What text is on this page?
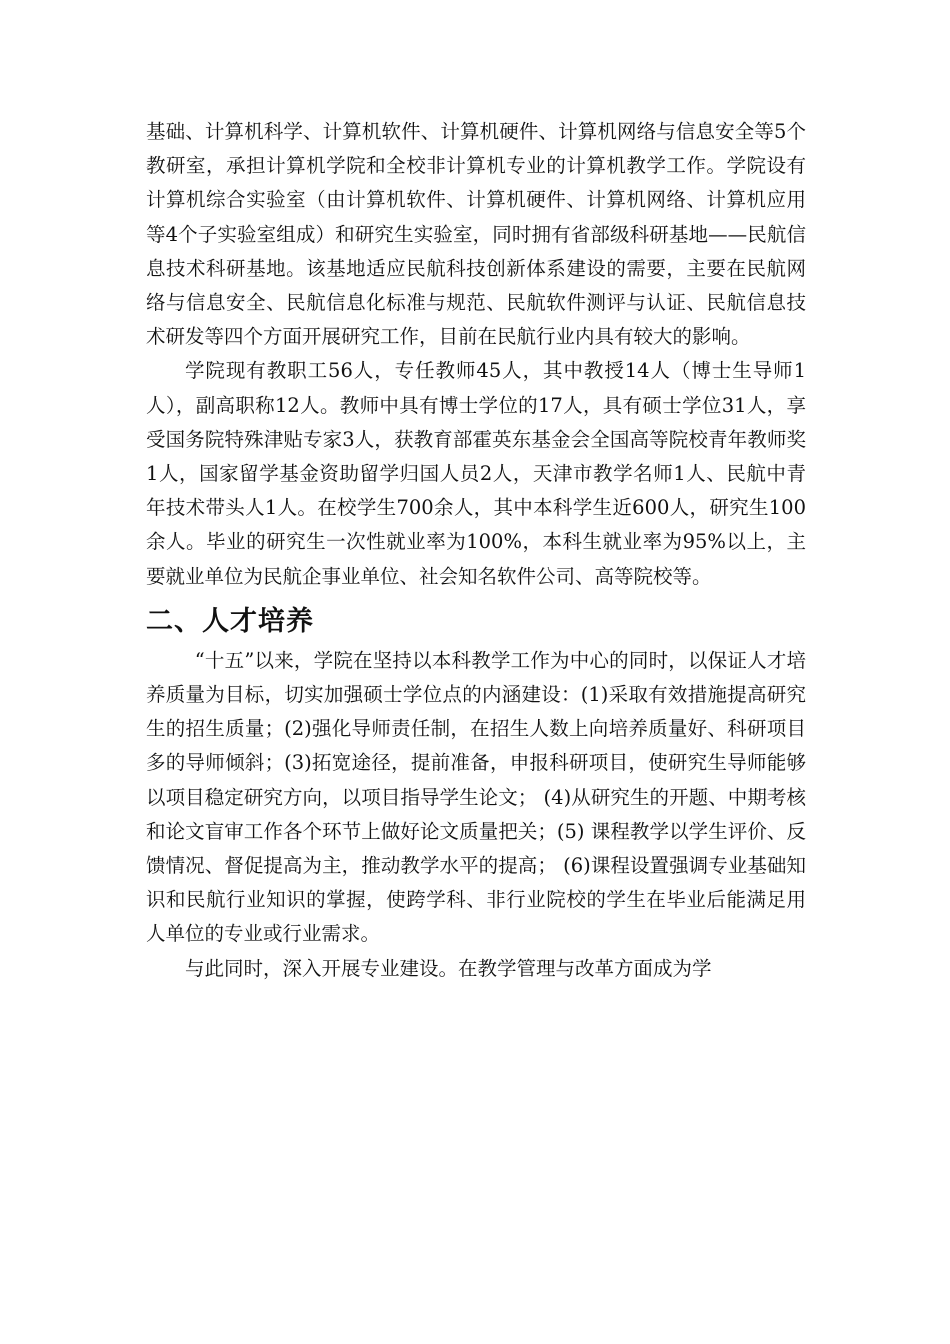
基础、计算机科学、计算机软件、计算机硬件、计算机网络与信息安全等5个教研室，承担计算机学院和全校非计算机专业的计算机教学工作。学院设有计算机综合实验室（由计算机软件、计算机硬件、计算机网络、计算机应用等4个子实验室组成）和研究生实验室，同时拥有省部级科研基地——民航信息技术科研基地。该基地适应民航科技创新体系建设的需要，主要在民航网络与信息安全、民航信息化标准与规范、民航软件测评与认证、民航信息技术研发等四个方面开展研究工作，目前在民航行业内具有较大的影响。

学院现有教职工56人，专任教师45人，其中教授14人（博士生导师1人），副高职称12人。教师中具有博士学位的17人，具有硕士学位31人，享受国务院特殊津贴专家3人，获教育部霍英东基金会全国高等院校青年教师奖1人，国家留学基金资助留学归国人员2人，天津市教学名师1人、民航中青年技术带头人1人。在校学生700余人，其中本科学生近600人，研究生100余人。毕业的研究生一次性就业率为100%，本科生就业率为95%以上，主要就业单位为民航企事业单位、社会知名软件公司、高等院校等。

二、人才培养

“十五”以来，学院在坚持以本科教学工作为中心的同时，以保证人才培养质量为目标，切实加强硕士学位点的内涵建设：(1)采取有效措施提高研究生的招生质量；(2)强化导师责任制，在招生人数上向培养质量好、科研项目多的导师倾斜；(3)拓宽途径，提前准备，申报科研项目，使研究生导师能够以项目稳定研究方向，以项目指导学生论文； (4)从研究生的开题、中期考核和论文盲审工作各个环节上做好论文质量把关；(5) 课程教学以学生评价、反馈情况、督促提高为主，推动教学水平的提高； (6)课程设置强调专业基础知识和民航行业知识的掌握，使跨学科、非行业院校的学生在毕业后能满足用人单位的专业或行业需求。

与此同时，深入开展专业建设。在教学管理与改革方面成为学
